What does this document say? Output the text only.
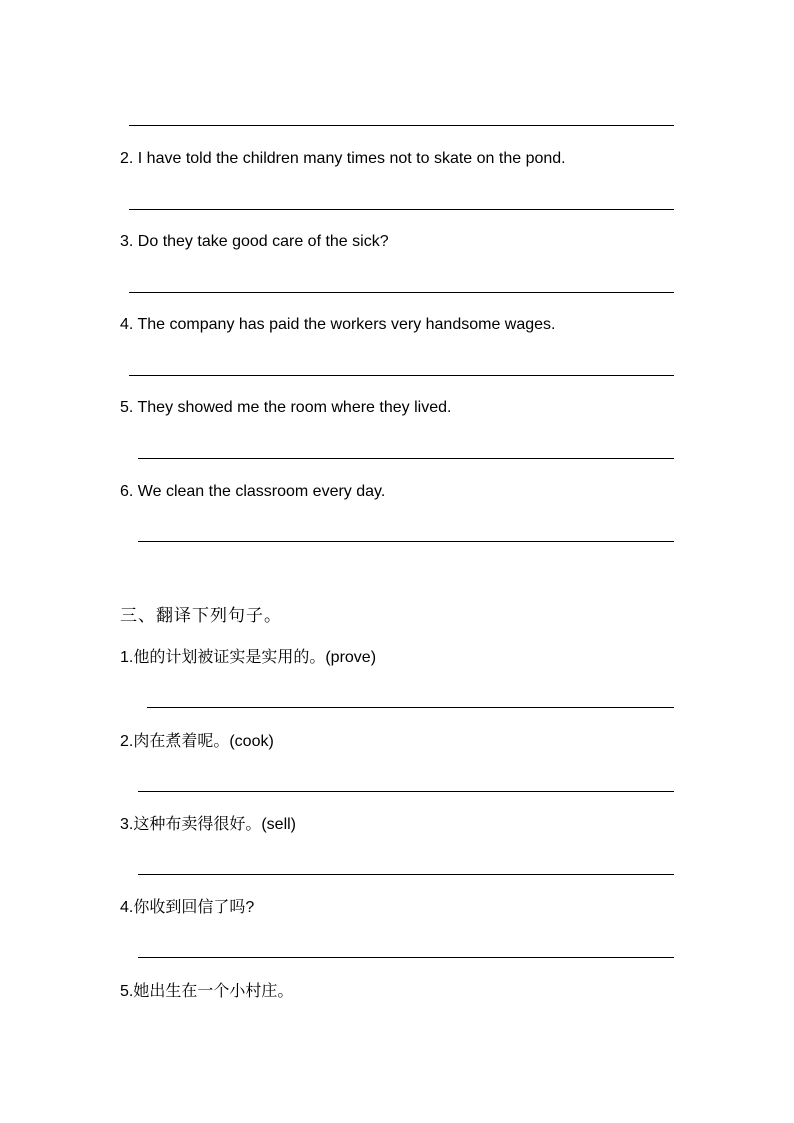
2. I have told the children many times not to skate on the pond.
3. Do they take good care of the sick?
4. The company has paid the workers very handsome wages.
5. They showed me the room where they lived.
6. We clean the classroom every day.
三、翻译下列句子。
1.他的计划被证实是实用的。(prove)
2.肉在煮着呢。(cook)
3.这种布卖得很好。(sell)
4.你收到回信了吗?
5.她出生在一个小村庄。
